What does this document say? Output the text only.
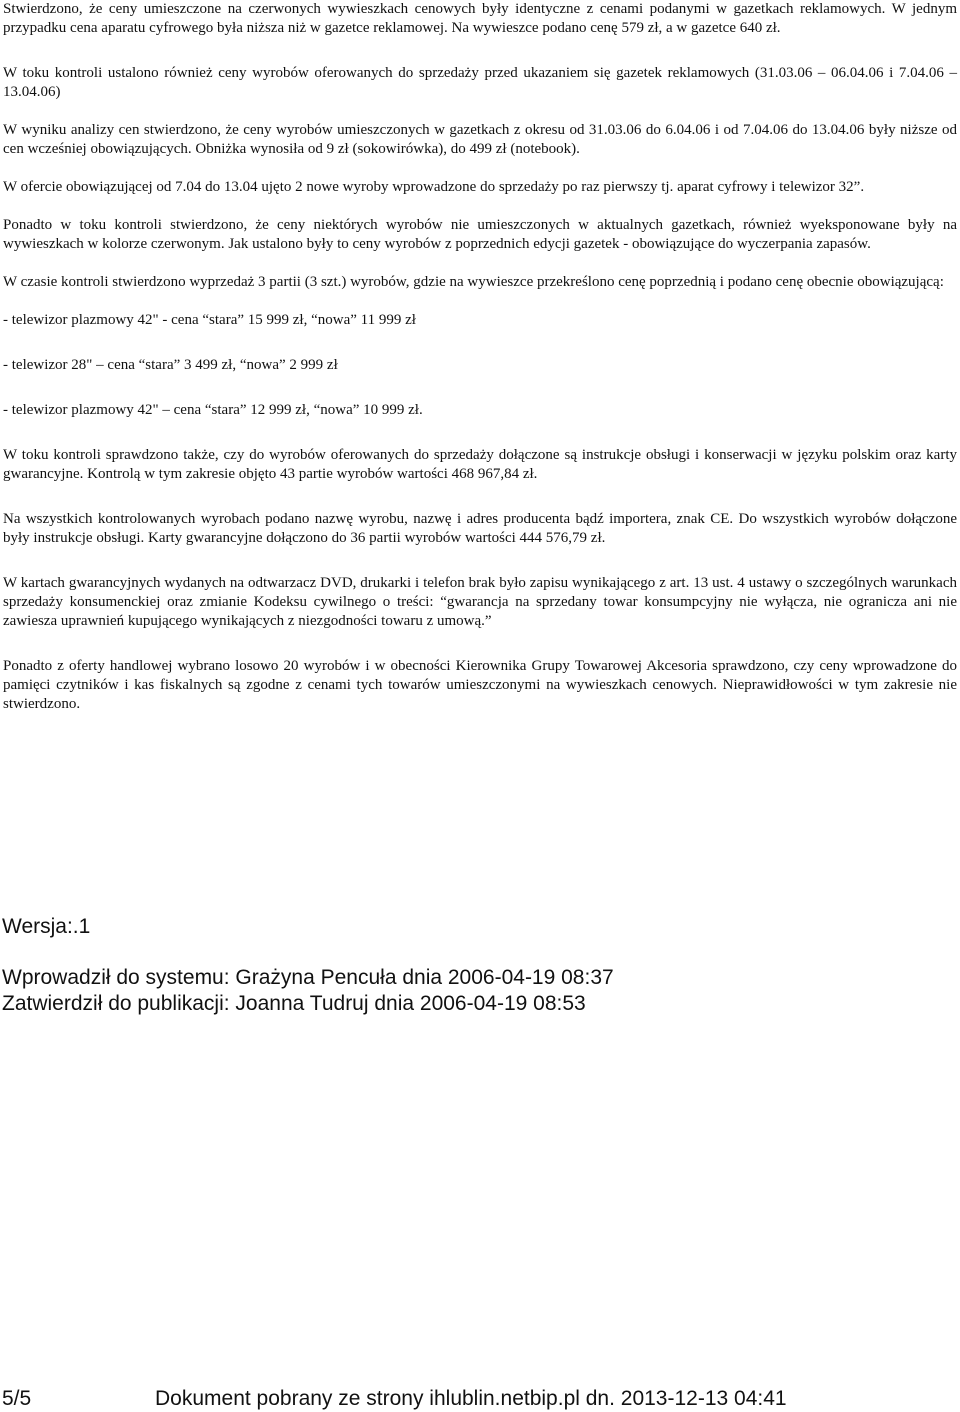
Stwierdzono, że ceny umieszczone na czerwonych wywieszkach cenowych były identyczne z cenami podanymi w gazetkach reklamowych. W jednym przypadku cena aparatu cyfrowego była niższa niż w gazetce reklamowej. Na wywieszce podano cenę 579 zł, a w gazetce 640 zł.

W toku kontroli ustalono również ceny wyrobów oferowanych do sprzedaży przed ukazaniem się gazetek reklamowych (31.03.06 – 06.04.06 i 7.04.06 – 13.04.06)

W wyniku analizy cen stwierdzono, że ceny wyrobów umieszczonych w gazetkach z okresu od 31.03.06 do 6.04.06 i od 7.04.06 do 13.04.06 były niższe od cen wcześniej obowiązujących. Obniżka wynosiła od 9 zł (sokowirówka), do 499 zł (notebook).

W ofercie obowiązującej od 7.04 do 13.04 ujęto 2 nowe wyroby wprowadzone do sprzedaży po raz pierwszy tj. aparat cyfrowy i telewizor 32”.

Ponadto w toku kontroli stwierdzono, że ceny niektórych wyrobów nie umieszczonych w aktualnych gazetkach, również wyeksponowane były na wywieszkach w kolorze czerwonym. Jak ustalono były to ceny wyrobów z poprzednich edycji gazetek - obowiązujące do wyczerpania zapasów.

W czasie kontroli stwierdzono wyprzedaż 3 partii (3 szt.) wyrobów, gdzie na wywieszce przekreślono cenę poprzednią i podano cenę obecnie obowiązującą:

- telewizor plazmowy 42" - cena “stara” 15 999 zł, “nowa” 11 999 zł

- telewizor 28" – cena “stara” 3 499 zł, “nowa” 2 999 zł

- telewizor plazmowy 42" – cena “stara” 12 999 zł, “nowa” 10 999 zł.

W toku kontroli sprawdzono także, czy do wyrobów oferowanych do sprzedaży dołączone są instrukcje obsługi i konserwacji w języku polskim oraz karty gwarancyjne. Kontrolą w tym zakresie objęto 43 partie wyrobów wartości 468 967,84 zł.

Na wszystkich kontrolowanych wyrobach podano nazwę wyrobu, nazwę i adres producenta bądź importera, znak CE. Do wszystkich wyrobów dołączone były instrukcje obsługi. Karty gwarancyjne dołączono do 36 partii wyrobów wartości 444 576,79 zł.

W kartach gwarancyjnych wydanych na odtwarzacz DVD, drukarki i telefon brak było zapisu wynikającego z art. 13 ust. 4 ustawy o szczególnych warunkach sprzedaży konsumenckiej oraz zmianie Kodeksu cywilnego o treści: “gwarancja na sprzedany towar konsumpcyjny nie wyłącza, nie ogranicza ani nie zawiesza uprawnień kupującego wynikających z niezgodności towaru z umową.”

Ponadto z oferty handlowej wybrano losowo 20 wyrobów i w obecności Kierownika Grupy Towarowej Akcesoria sprawdzono, czy ceny wprowadzone do pamięci czytników i kas fiskalnych są zgodne z cenami tych towarów umieszczonymi na wywieszkach cenowych. Nieprawidłowości w tym zakresie nie stwierdzono.

Wersja:.1
Wprowadził do systemu: Grażyna Pencuła dnia 2006-04-19 08:37
Zatwierdził do publikacji: Joanna Tudruj dnia 2006-04-19 08:53
5/5	Dokument pobrany ze strony ihlublin.netbip.pl dn. 2013-12-13 04:41
